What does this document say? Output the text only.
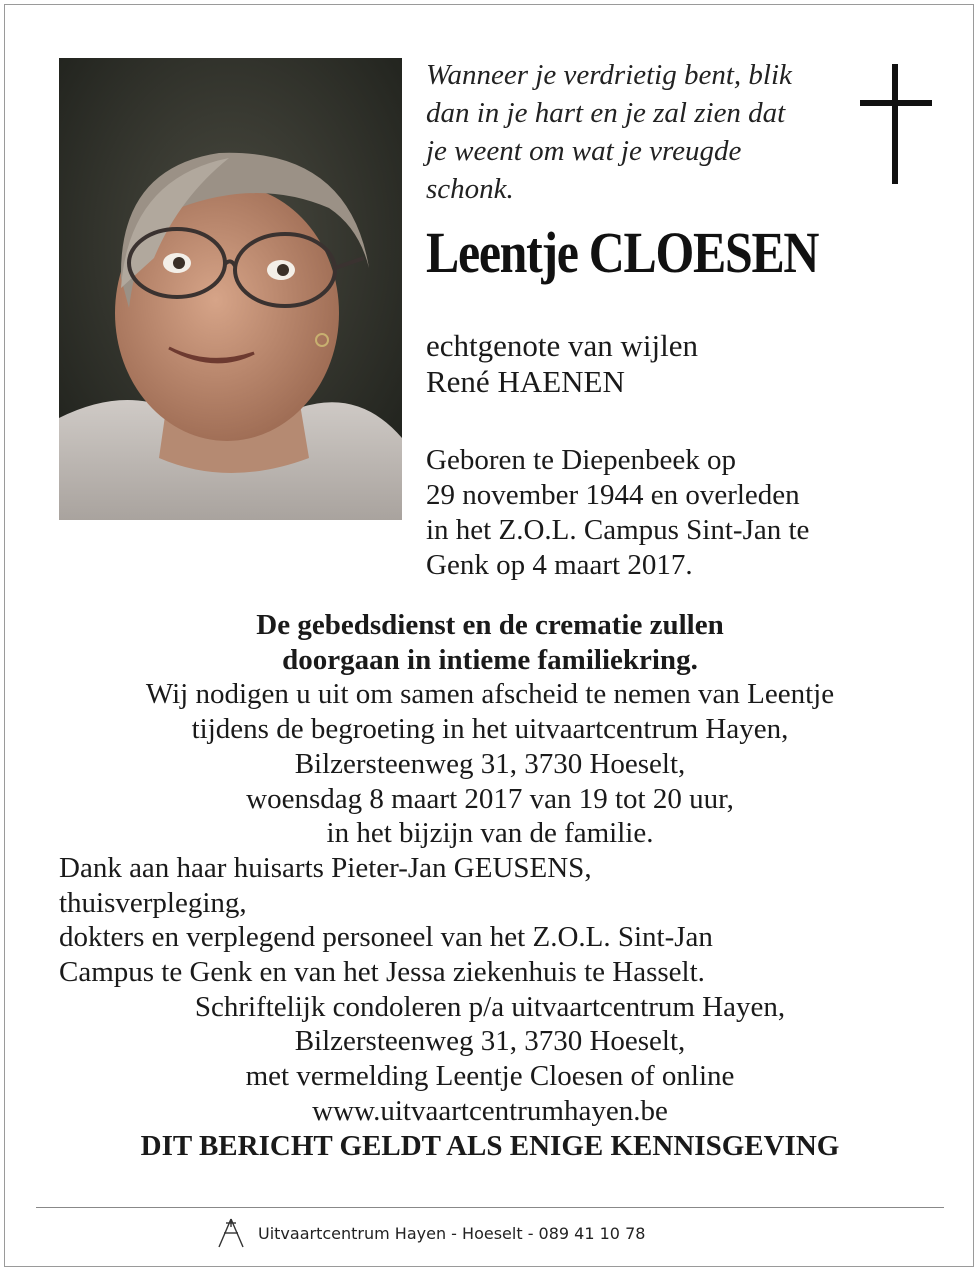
Wanneer je verdrietig bent, blik
dan in je hart en je zal zien dat
je weent om wat je vreugde
schonk.
Leentje CLOESEN
echtgenote van wijlen
René HAENEN
Geboren te Diepenbeek op
29 november 1944 en overleden
in het Z.O.L. Campus Sint-Jan te
Genk op 4 maart 2017.
De gebedsdienst en de crematie zullen
doorgaan in intieme familiekring.
Wij nodigen u uit om samen afscheid te nemen van Leentje
tijdens de begroeting in het uitvaartcentrum Hayen,
Bilzersteenweg 31, 3730 Hoeselt,
woensdag 8 maart 2017 van 19 tot 20 uur,
in het bijzijn van de familie.
Dank aan haar huisarts Pieter-Jan GEUSENS,
thuisverpleging,
dokters en verplegend personeel van het Z.O.L. Sint-Jan
Campus te Genk en van het Jessa ziekenhuis te Hasselt.
Schriftelijk condoleren p/a uitvaartcentrum Hayen,
Bilzersteenweg 31, 3730 Hoeselt,
met vermelding Leentje Cloesen of online
www.uitvaartcentrumhayen.be
DIT BERICHT GELDT ALS ENIGE KENNISGEVING
Uitvaartcentrum Hayen - Hoeselt - 089 41 10 78
